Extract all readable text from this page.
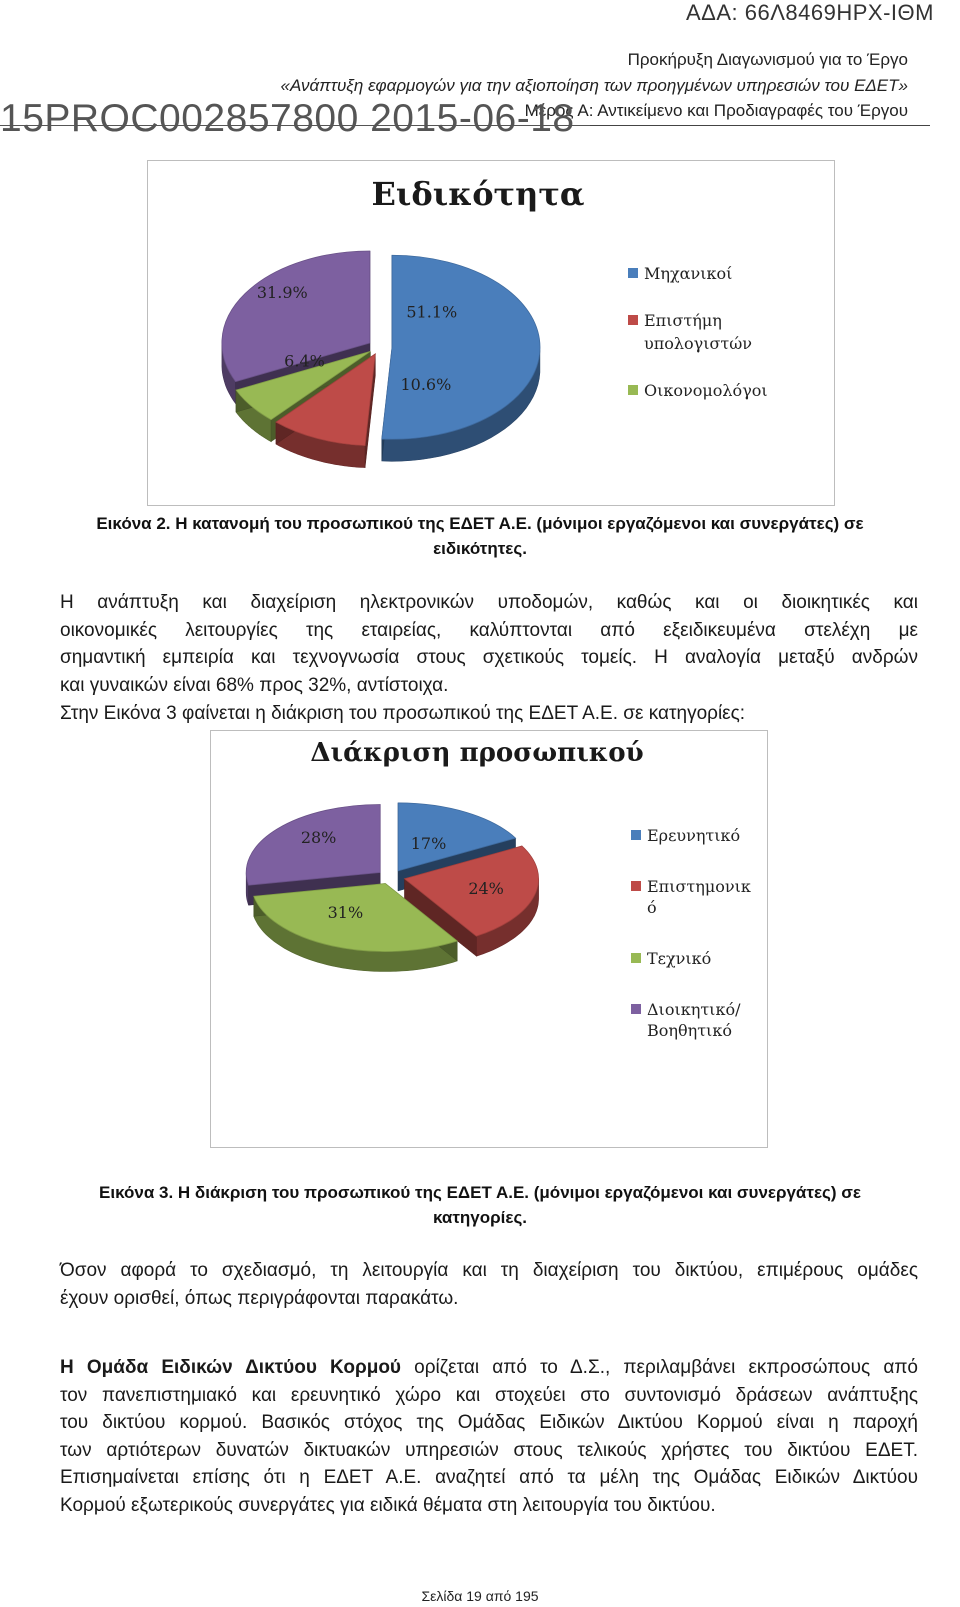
ΑΔΑ: 66Λ8469ΗΡΧ-ΙΘΜ
Προκήρυξη Διαγωνισμού για το Έργο
«Ανάπτυξη εφαρμογών για την αξιοποίηση των προηγμένων υπηρεσιών του ΕΔΕΤ»
Μέρος Α: Αντικείμενο και Προδιαγραφές του Έργου
15PROC002857800 2015-06-18
Ειδικότητα
51.1%
10.6%
6.4%
31.9%
Μηχανικοί
Επιστήμη
υπολογιστών
Οικονομολόγοι
Εικόνα 2. Η κατανομή του προσωπικού της ΕΔΕΤ Α.Ε. (μόνιμοι εργαζόμενοι και συνεργάτες) σε
ειδικότητες.
Η ανάπτυξη και διαχείριση ηλεκτρονικών υποδομών, καθώς και οι διοικητικές και
οικονομικές λειτουργίες της εταιρείας, καλύπτονται από εξειδικευμένα στελέχη με
σημαντική εμπειρία και τεχνογνωσία στους σχετικούς τομείς. Η αναλογία μεταξύ ανδρών
και γυναικών είναι 68% προς 32%, αντίστοιχα.
Στην Εικόνα 3 φαίνεται η διάκριση του προσωπικού της ΕΔΕΤ Α.Ε. σε κατηγορίες:
Διάκριση προσωπικού
17%
24%
31%
28%	Ερευνητικό
Επιστημονικ
ό
Τεχνικό
Διοικητικό/
Βοηθητικό
Εικόνα 3. Η διάκριση του προσωπικού της ΕΔΕΤ Α.Ε. (μόνιμοι εργαζόμενοι και συνεργάτες) σε
κατηγορίες.
Όσον αφορά το σχεδιασμό, τη λειτουργία και τη διαχείριση του δικτύου, επιμέρους ομάδες
έχουν ορισθεί, όπως περιγράφονται παρακάτω.
Η Ομάδα Ειδικών Δικτύου Κορμού ορίζεται από το Δ.Σ., περιλαμβάνει εκπροσώπους από
τον πανεπιστημιακό και ερευνητικό χώρο και στοχεύει στο συντονισμό δράσεων ανάπτυξης
του δικτύου κορμού. Βασικός στόχος της Ομάδας Ειδικών Δικτύου Κορμού είναι η παροχή
των αρτιότερων δυνατών δικτυακών υπηρεσιών στους τελικούς χρήστες του δικτύου ΕΔΕΤ.
Επισημαίνεται επίσης ότι η ΕΔΕΤ Α.Ε. αναζητεί από τα μέλη της Ομάδας Ειδικών Δικτύου
Κορμού εξωτερικούς συνεργάτες για ειδικά θέματα στη λειτουργία του δικτύου.
Σελίδα 19 από 195
